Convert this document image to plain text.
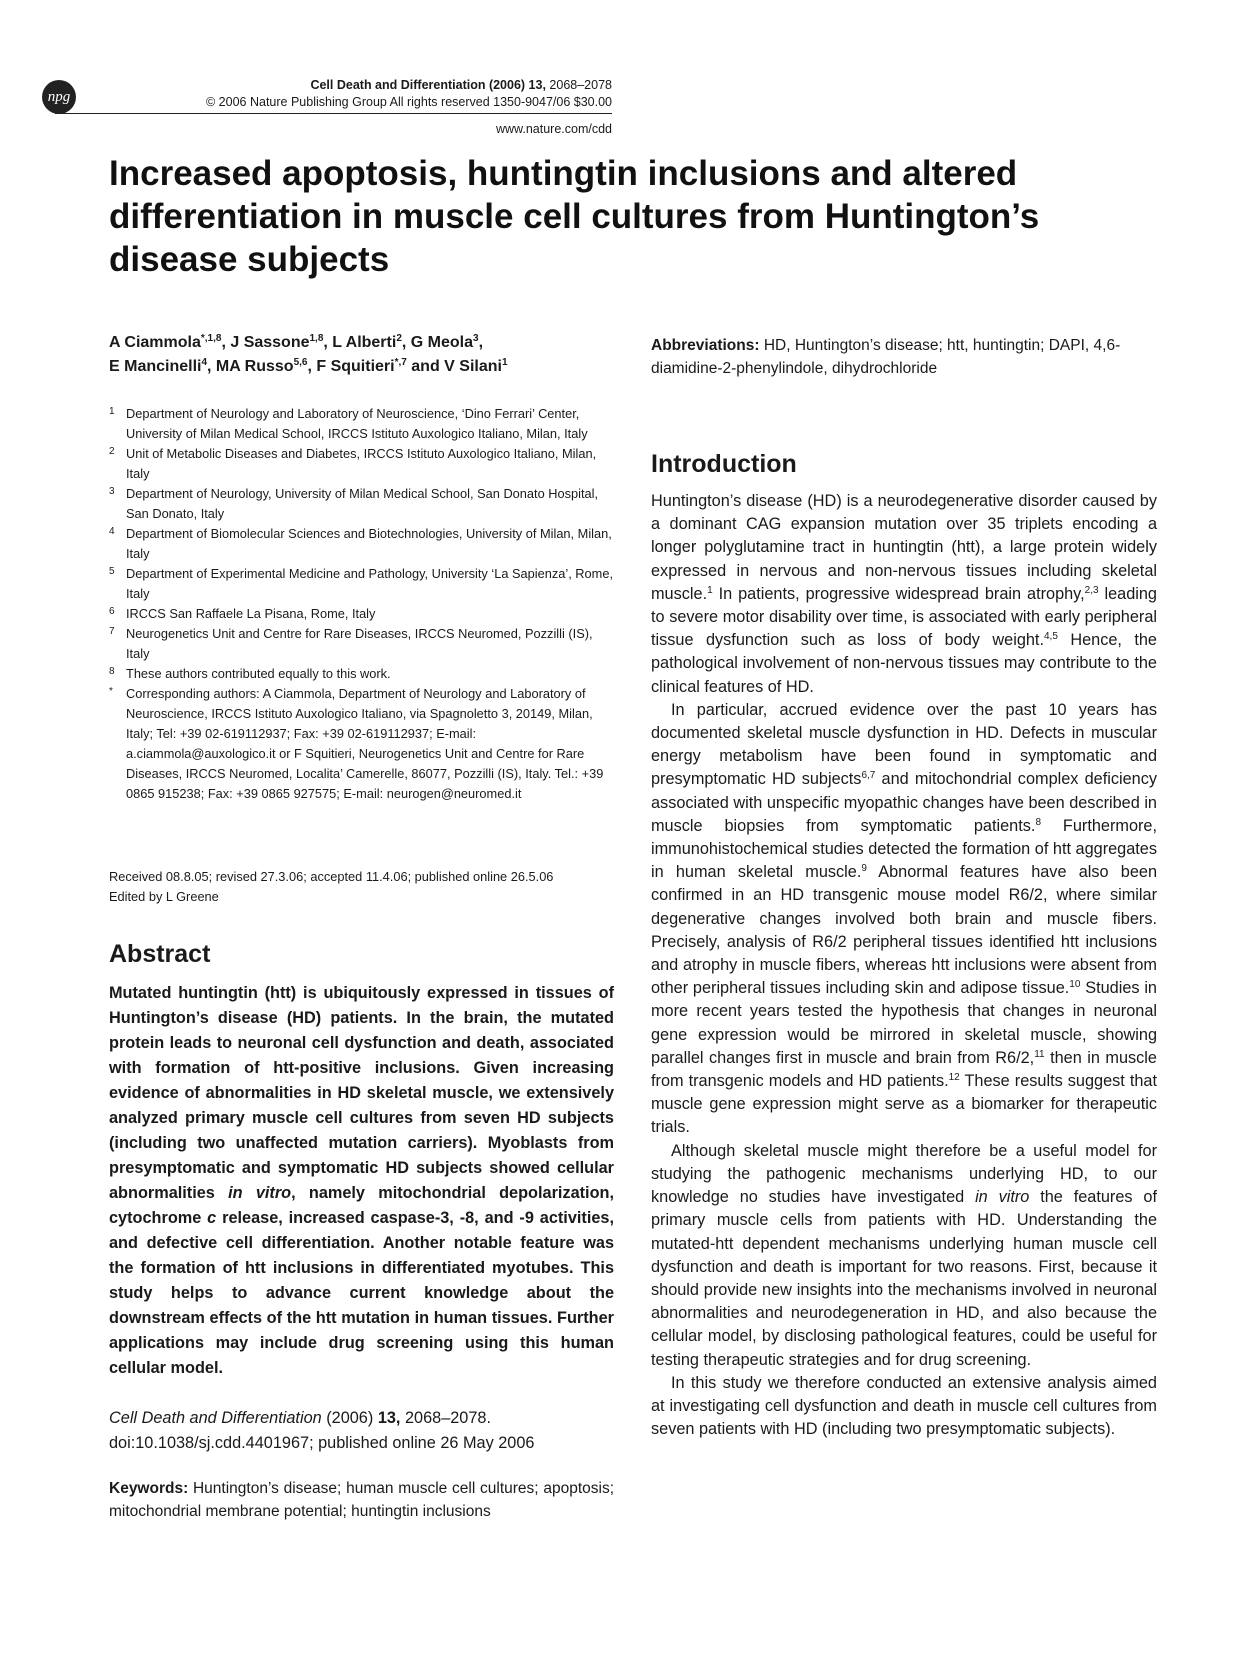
npg
Cell Death and Differentiation (2006) 13, 2068–2078
© 2006 Nature Publishing Group All rights reserved 1350-9047/06 $30.00
www.nature.com/cdd
Increased apoptosis, huntingtin inclusions and altered differentiation in muscle cell cultures from Huntington’s disease subjects
A Ciammola$^{*,1,8}$, J Sassone$^{1,8}$, L Alberti$^2$, G Meola$^3$,
E Mancinelli$^4$, MA Russo$^{5,6}$, F Squitieri$^{*,7}$ and V Silani$^1$
1 Department of Neurology and Laboratory of Neuroscience, ‘Dino Ferrari’ Center, University of Milan Medical School, IRCCS Istituto Auxologico Italiano, Milan, Italy
2 Unit of Metabolic Diseases and Diabetes, IRCCS Istituto Auxologico Italiano, Milan, Italy
3 Department of Neurology, University of Milan Medical School, San Donato Hospital, San Donato, Italy
4 Department of Biomolecular Sciences and Biotechnologies, University of Milan, Milan, Italy
5 Department of Experimental Medicine and Pathology, University ‘La Sapienza’, Rome, Italy
6 IRCCS San Raffaele La Pisana, Rome, Italy
7 Neurogenetics Unit and Centre for Rare Diseases, IRCCS Neuromed, Pozzilli (IS), Italy
8 These authors contributed equally to this work.
* Corresponding authors: A Ciammola, Department of Neurology and Laboratory of Neuroscience, IRCCS Istituto Auxologico Italiano, via Spagnoletto 3, 20149, Milan, Italy; Tel: +39 02-619112937; Fax: +39 02-619112937; E-mail: a.ciammola@auxologico.it or F Squitieri, Neurogenetics Unit and Centre for Rare Diseases, IRCCS Neuromed, Localita’ Camerelle, 86077, Pozzilli (IS), Italy. Tel.: +39 0865 915238; Fax: +39 0865 927575; E-mail: neurogen@neuromed.it
Received 08.8.05; revised 27.3.06; accepted 11.4.06; published online 26.5.06
Edited by L Greene
Abstract
Mutated huntingtin (htt) is ubiquitously expressed in tissues of Huntington’s disease (HD) patients. In the brain, the mutated protein leads to neuronal cell dysfunction and death, associated with formation of htt-positive inclusions. Given increasing evidence of abnormalities in HD skeletal muscle, we extensively analyzed primary muscle cell cultures from seven HD subjects (including two unaffected mutation carriers). Myoblasts from presymptomatic and symptomatic HD subjects showed cellular abnormalities in vitro, namely mitochondrial depolarization, cytochrome c release, increased caspase-3, -8, and -9 activities, and defective cell differentiation. Another notable feature was the formation of htt inclusions in differentiated myotubes. This study helps to advance current knowledge about the downstream effects of the htt mutation in human tissues. Further applications may include drug screening using this human cellular model.
Cell Death and Differentiation (2006) 13, 2068–2078.
doi:10.1038/sj.cdd.4401967; published online 26 May 2006
Keywords: Huntington’s disease; human muscle cell cultures; apoptosis; mitochondrial membrane potential; huntingtin inclusions
Abbreviations: HD, Huntington’s disease; htt, huntingtin; DAPI, 4,6-diamidine-2-phenylindole, dihydrochloride
Introduction

Huntington’s disease (HD) is a neurodegenerative disorder caused by a dominant CAG expansion mutation over 35 triplets encoding a longer polyglutamine tract in huntingtin (htt), a large protein widely expressed in nervous and non-nervous tissues including skeletal muscle.$^1$ In patients, progressive widespread brain atrophy,$^{2,3}$ leading to severe motor disability over time, is associated with early peripheral tissue dysfunction such as loss of body weight.$^{4,5}$ Hence, the pathological involvement of non-nervous tissues may contribute to the clinical features of HD.

In particular, accrued evidence over the past 10 years has documented skeletal muscle dysfunction in HD. Defects in muscular energy metabolism have been found in symptomatic and presymptomatic HD subjects$^{6,7}$ and mitochondrial complex deficiency associated with unspecific myopathic changes have been described in muscle biopsies from symptomatic patients.$^8$ Furthermore, immunohistochemical studies detected the formation of htt aggregates in human skeletal muscle.$^9$ Abnormal features have also been confirmed in an HD transgenic mouse model R6/2, where similar degenerative changes involved both brain and muscle fibers. Precisely, analysis of R6/2 peripheral tissues identified htt inclusions and atrophy in muscle fibers, whereas htt inclusions were absent from other peripheral tissues including skin and adipose tissue.$^{10}$ Studies in more recent years tested the hypothesis that changes in neuronal gene expression would be mirrored in skeletal muscle, showing parallel changes first in muscle and brain from R6/2,11 then in muscle from transgenic models and HD patients.$^{12}$ These results suggest that muscle gene expression might serve as a biomarker for therapeutic trials.

Although skeletal muscle might therefore be a useful model for studying the pathogenic mechanisms underlying HD, to our knowledge no studies have investigated in vitro the features of primary muscle cells from patients with HD. Understanding the mutated-htt dependent mechanisms underlying human muscle cell dysfunction and death is important for two reasons. First, because it should provide new insights into the mechanisms involved in neuronal abnormalities and neurodegeneration in HD, and also because the cellular model, by disclosing pathological features, could be useful for testing therapeutic strategies and for drug screening.

In this study we therefore conducted an extensive analysis aimed at investigating cell dysfunction and death in muscle cell cultures from seven patients with HD (including two presymptomatic subjects).
